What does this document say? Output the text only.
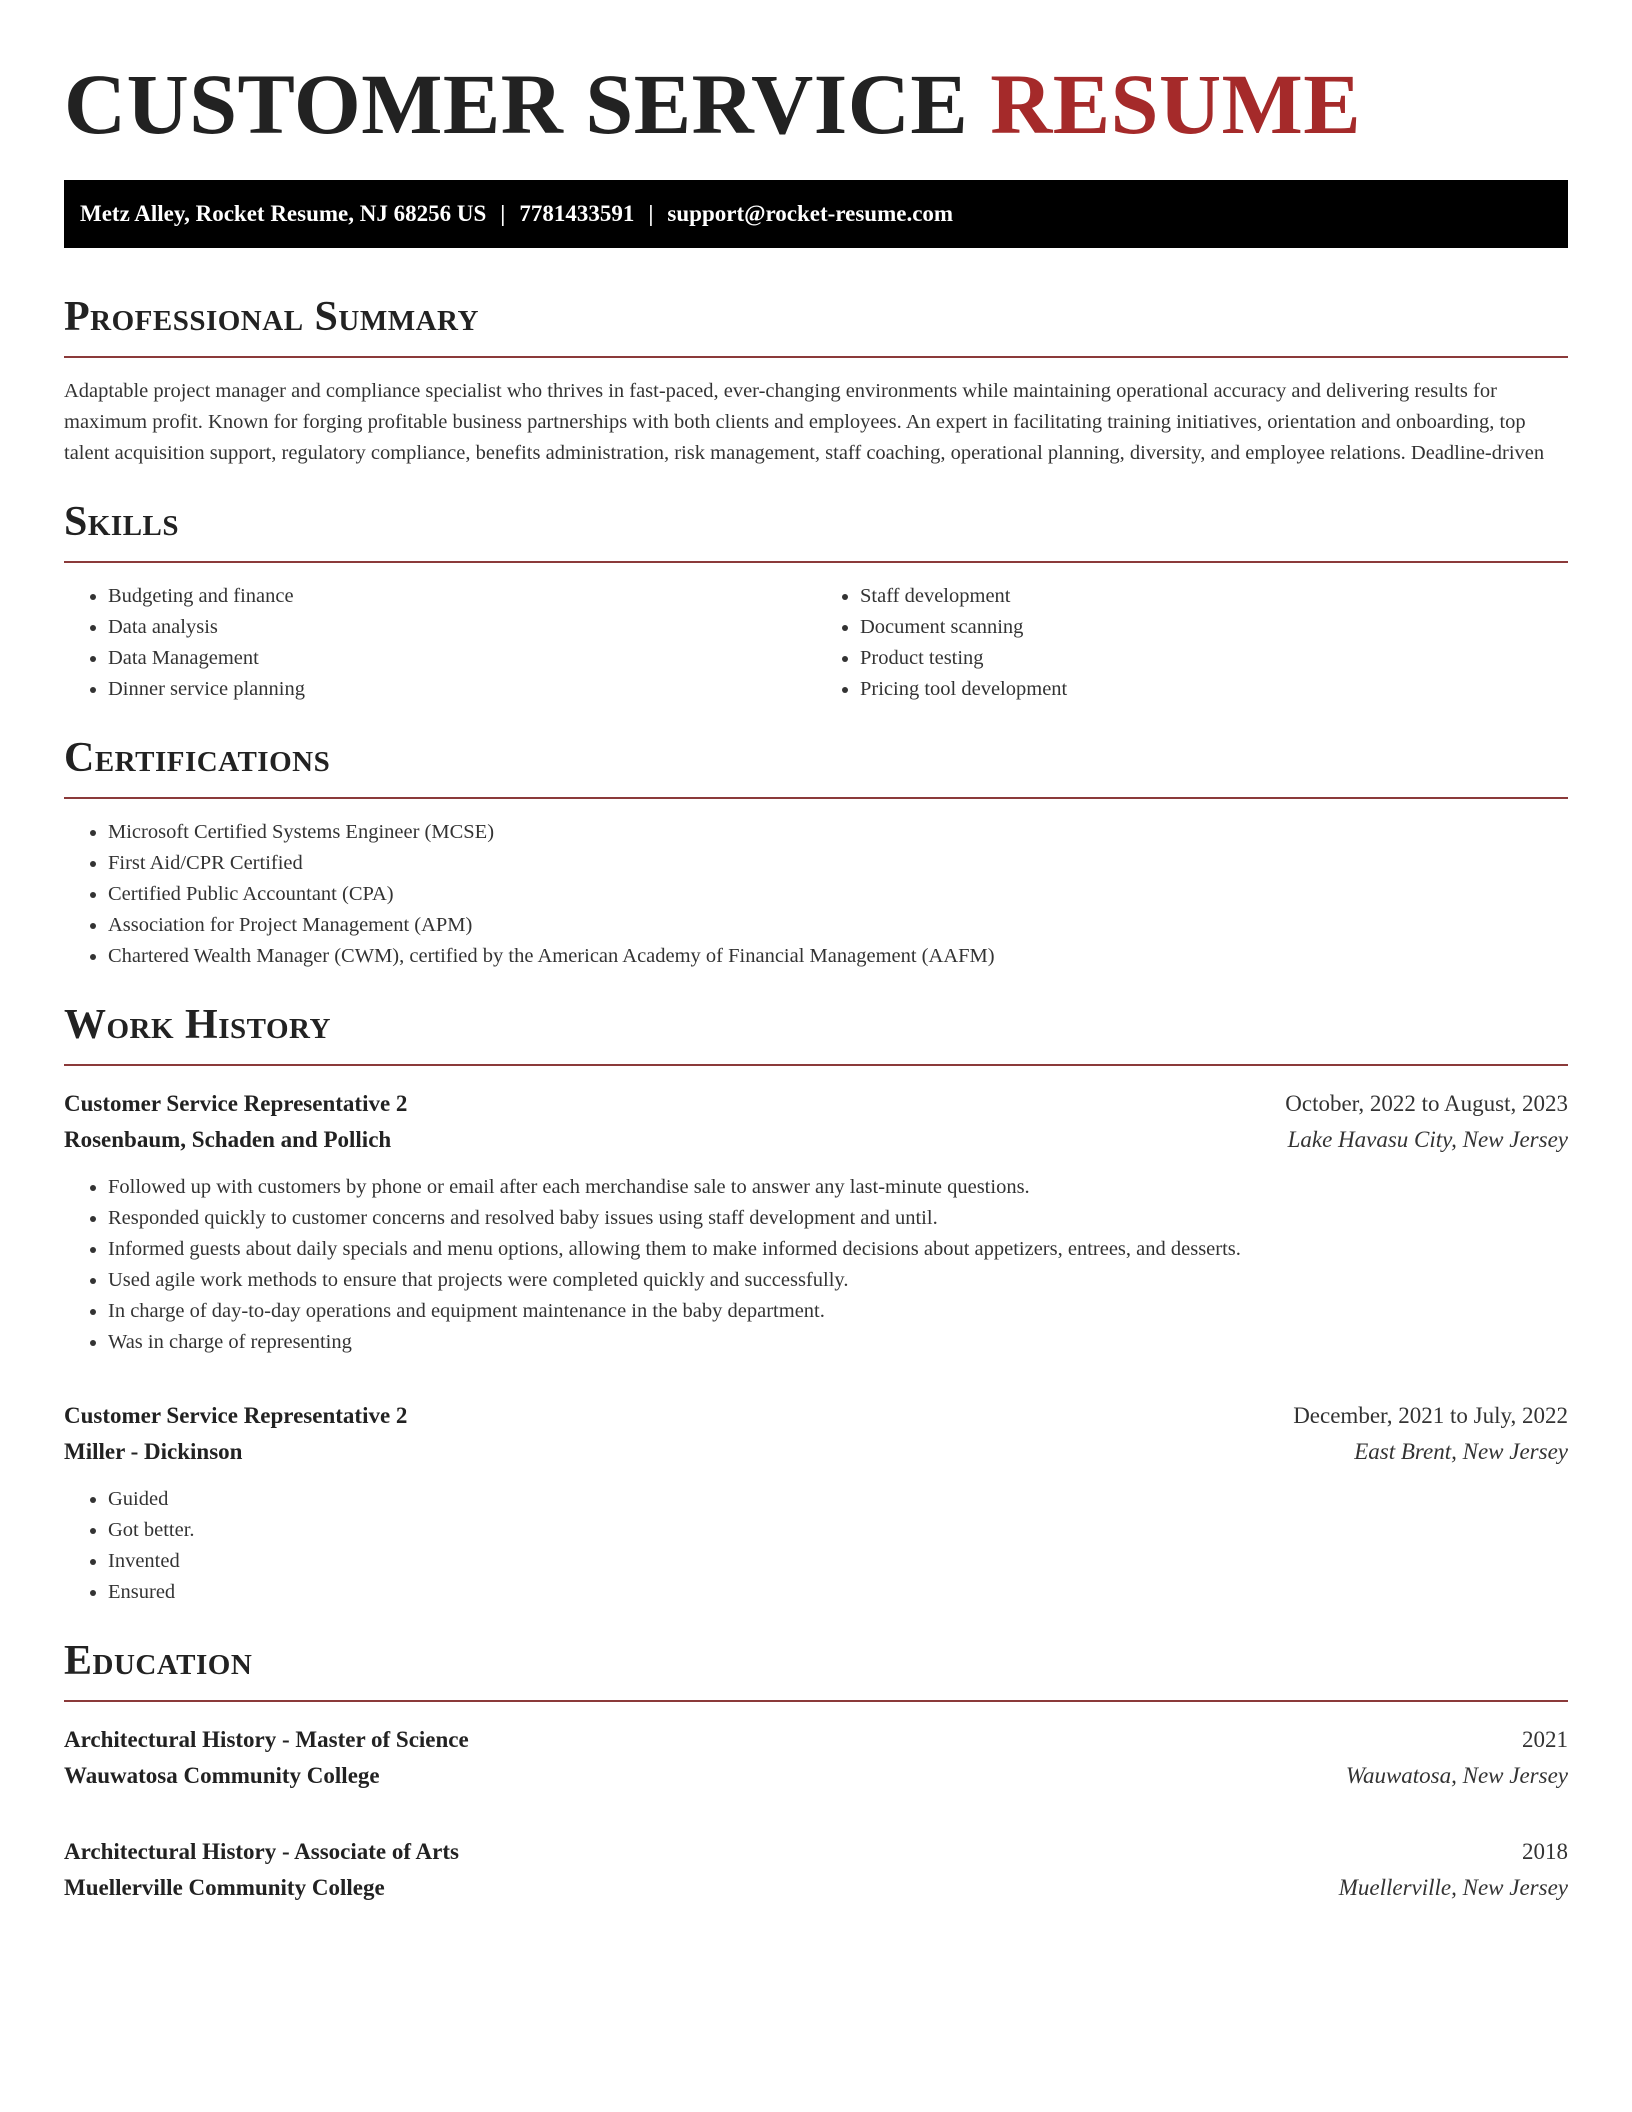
CUSTOMER SERVICE RESUME
Metz Alley, Rocket Resume, NJ 68256 US | 7781433591 | support@rocket-resume.com
Professional Summary

Adaptable project manager and compliance specialist who thrives in fast-paced, ever-changing environments while maintaining operational accuracy and delivering results for maximum profit. Known for forging profitable business partnerships with both clients and employees. An expert in facilitating training initiatives, orientation and onboarding, top talent acquisition support, regulatory compliance, benefits administration, risk management, staff coaching, operational planning, diversity, and employee relations. Deadline-driven

Skills
• Budgeting and finance
• Data analysis
• Data Management
• Dinner service planning
• Staff development
• Document scanning
• Product testing
• Pricing tool development
Certifications
• Microsoft Certified Systems Engineer (MCSE)
• First Aid/CPR Certified
• Certified Public Accountant (CPA)
• Association for Project Management (APM)
• Chartered Wealth Manager (CWM), certified by the American Academy of Financial Management (AAFM)
Work History
Customer Service Representative 2	October, 2022 to August, 2023
Rosenbaum, Schaden and Pollich	Lake Havasu City, New Jersey
• Followed up with customers by phone or email after each merchandise sale to answer any last-minute questions.
• Responded quickly to customer concerns and resolved baby issues using staff development and until.
• Informed guests about daily specials and menu options, allowing them to make informed decisions about appetizers, entrees, and desserts.
• Used agile work methods to ensure that projects were completed quickly and successfully.
• In charge of day-to-day operations and equipment maintenance in the baby department.
• Was in charge of representing
Customer Service Representative 2	December, 2021 to July, 2022
Miller - Dickinson	East Brent, New Jersey
• Guided
• Got better.
• Invented
• Ensured
Education
Architectural History - Master of Science	2021
Wauwatosa Community College	Wauwatosa, New Jersey
Architectural History - Associate of Arts	2018
Muellerville Community College	Muellerville, New Jersey
